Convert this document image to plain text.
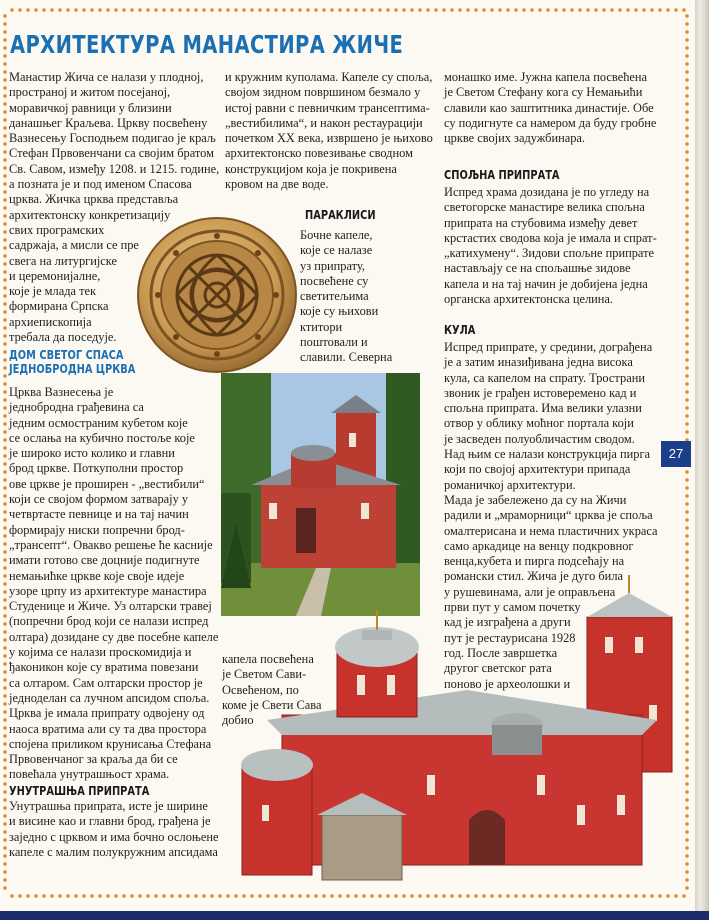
АРХИТЕКТУРА МАНАСТИРА ЖИЧЕ

Манастир Жича се налази у плодној,

пространој и житом посејаној,

моравичкој равници у близини

данашњег Краљева. Цркву посвећену

Вазнесењу Господњем подигао је краљ

Стефан Првовенчани са својим братом

Св. Савом, између 1208. и 1215. године,

а позната је и под именом Спасова

црква. Жичка црква представља

архитектонску конкретизацију

свих програмских

садржаја, а мисли се пре

свега на литургијске

и церемонијалне,

које је млада тек

формирана Српска

архиепископија

требала да поседује.

ДОМ СВЕТОГ СПАСА
ЈЕДНОБРОДНА ЦРКВА

Црква Вазнесења је

једнобродна грађевина са

једним осмостраним кубетом које

се ослања на кубично постоље које

је широко исто колико и главни

брод цркве. Поткуполни простор

ове цркве је проширен - „вестибили“

који се својом формом затварају у

четвртасте певнице и на тај начин

формирају ниски попречни брод-

„трансепт“. Овакво решење ће касније

имати готово све доцније подигнуте

немањићке цркве које своје идеје

узоре црпу из архитектуре манастира

Студенице и Жиче. Уз олтарски травеј

(попречни брод који се налази испред

олтара) дозидане су две посебне капеле

у којима се налази проскомидија и

ђаконикон које су вратима повезани

са олтаром. Сам олтарски простор је

једноделан са лучном апсидом споља.

Црква је имала припрату одвојену од

наоса вратима али су та два простора

спојена приликом крунисања Стефана

Првовенчаног за краља да би се

повећала унутрашњост храма.

УНУТРАШЊА ПРИПРАТА

Унутрашња припрата, исте је ширине

и висине као и главни брод, грађена је

заједно с црквом и има бочно ослоњене

капеле с малим полукружним апсидама

и кружним куполама. Капеле су споља,

својом зидном површином безмало у

истој равни с певничким трансептима-

„вестибилима“, и након рестаурацији

почетком XX века, извршено је њихово

архитектонско повезивање сводном

конструкцијом која је покривена

кровом на две воде.

ПАРАКЛИСИ

Бочне капеле,

које се налазе

уз припрату,

посвећене су

светитељима

које су њихови

ктитори

поштовали и

славили. Северна

капела посвећена

је Светом Сави-

Освећеном, по

коме је Свети Сава

добио

монашко име. Јужна капела посвећена

је Светом Стефану кога су Немањићи

славили као заштитника династије. Обе

су подигнуте са намером да буду гробне

цркве својих задужбинара.

СПОЉНА ПРИПРАТА

Испред храма дозидана је по угледу на

светогорске манастире велика спољна

припрата на стубовима између девет

крстастих сводова која је имала и спрат-

„катихумену“. Зидови спољне припрате

настављају се на спољашње зидове

капела и на тај начин је добијена једна

органска архитектонска целина.

КУЛА

Испред припрате, у средини, дограђена

је а затим иназиђивана једна висока

кула, са капелом на спрату. Тространи

звоник је грађен истоверемено кад и

спољна припрата. Има велики улазни

отвор у облику моћног портала који

је засведен полуобличастим сводом.

Над њим се налази конструкција пирга

који по својој архитектури припада

романичкој архитектури.

Мада је забележено да су на Жичи

радили и „мраморници“ црква је споља

омалтерисана и нема пластичних украса

само аркадице на венцу подкровног

венца,кубета и пирга подсећају на

романски стил. Жича је дуго била

у рушевинама, али је оправљена

први пут у самом почетку

кад је изграђена а други

пут је рестаурисана 1928

год. После завршетка

другог светског рата

поново је археолошки и

27
